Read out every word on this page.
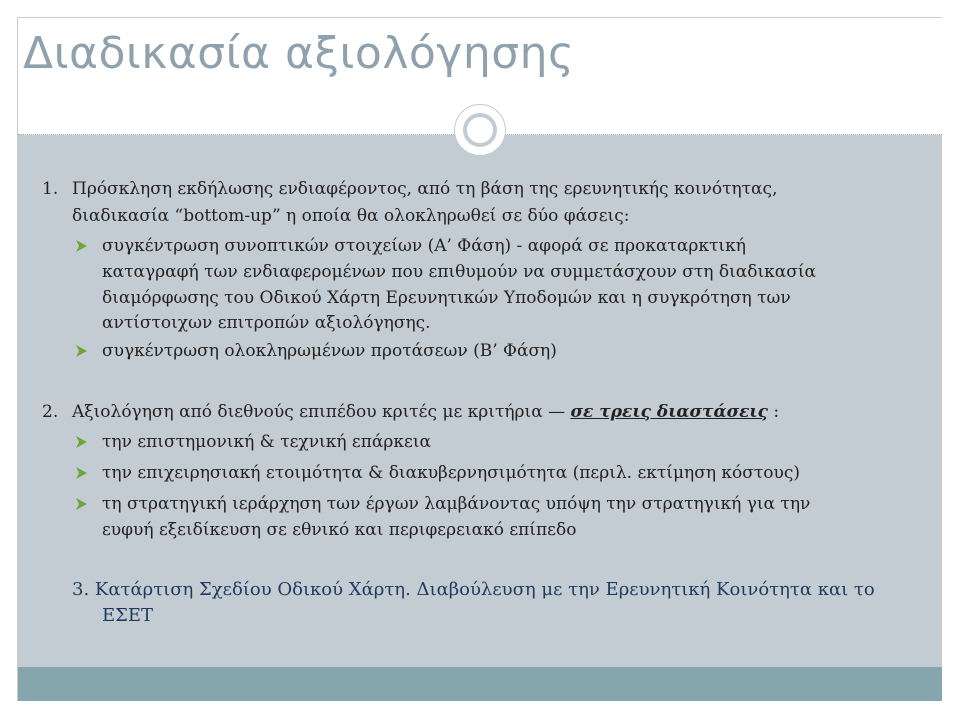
Διαδικασία αξιολόγησης
1. Πρόσκληση εκδήλωσης ενδιαφέροντος, από τη βάση της ερευνητικής κοινότητας,
διαδικασία “bottom-up” η οποία θα ολοκληρωθεί σε δύο φάσεις:
συγκέντρωση συνοπτικών στοιχείων (Α’ Φάση) - αφορά σε προκαταρκτική
καταγραφή των ενδιαφερομένων που επιθυμούν να συμμετάσχουν στη διαδικασία
διαμόρφωσης του Οδικού Χάρτη Ερευνητικών Υποδομών και η συγκρότηση των
αντίστοιχων επιτροπών αξιολόγησης.
συγκέντρωση ολοκληρωμένων προτάσεων (Β’ Φάση)
2. Αξιολόγηση από διεθνούς επιπέδου κριτές με κριτήρια — σε τρεις διαστάσεις :
την επιστημονική & τεχνική επάρκεια
την επιχειρησιακή ετοιμότητα & διακυβερνησιμότητα (περιλ. εκτίμηση κόστους)
τη στρατηγική ιεράρχηση των έργων λαμβάνοντας υπόψη την στρατηγική για την
ευφυή εξειδίκευση σε εθνικό και περιφερειακό επίπεδο
3. Κατάρτιση Σχεδίου Οδικού Χάρτη. Διαβούλευση με την Ερευνητική Κοινότητα και το
ΕΣΕΤ
